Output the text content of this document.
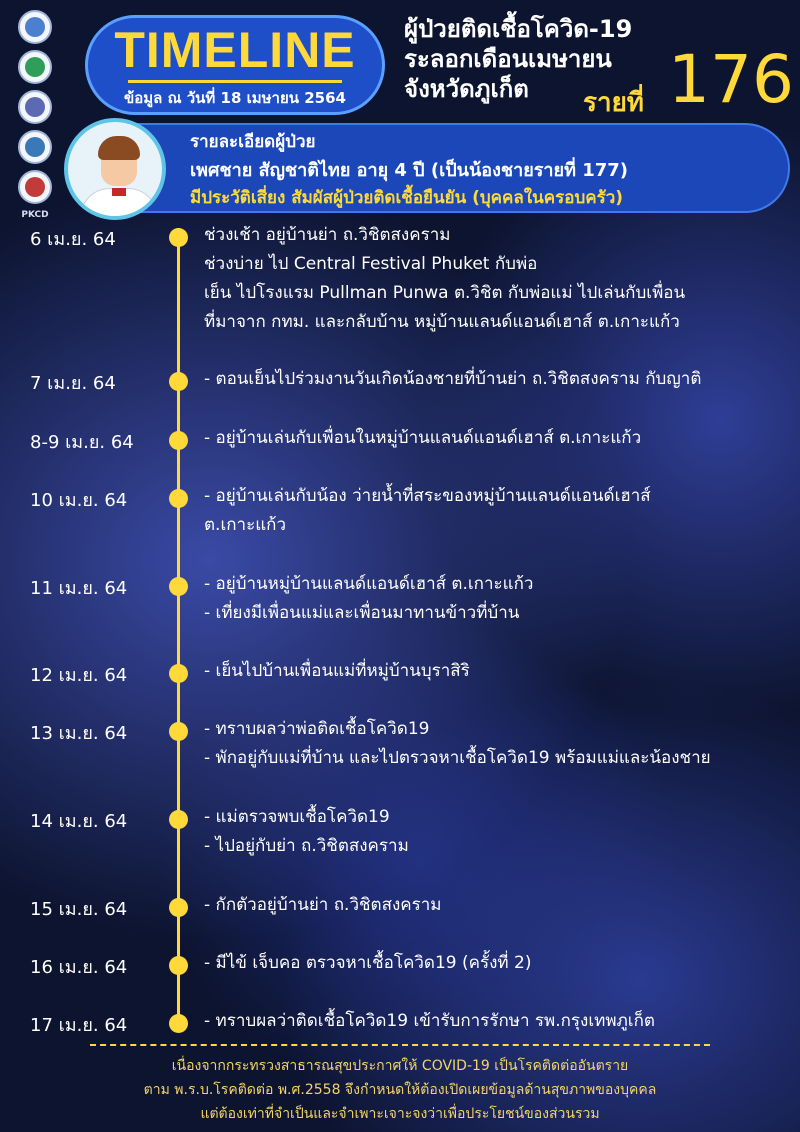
PKCD
TIMELINE
ข้อมูล ณ วันที่ 18 เมษายน 2564
ผู้ป่วยติดเชื้อโควิด-19
ระลอกเดือนเมษายน
จังหวัดภูเก็ต	รายที่ 176
รายละเอียดผู้ป่วย
เพศชาย สัญชาติไทย อายุ 4 ปี (เป็นน้องชายรายที่ 177)
มีประวัติเสี่ยง สัมผัสผู้ป่วยติดเชื้อยืนยัน (บุคคลในครอบครัว)
6 เม.ย. 64	ช่วงเช้า อยู่บ้านย่า ถ.วิชิตสงคราม
ช่วงบ่าย ไป Central Festival Phuket กับพ่อ
เย็น ไปโรงแรม Pullman Punwa ต.วิชิต กับพ่อแม่ ไปเล่นกับเพื่อน
ที่มาจาก กทม. และกลับบ้าน หมู่บ้านแลนด์แอนด์เฮาส์ ต.เกาะแก้ว
7 เม.ย. 64	- ตอนเย็นไปร่วมงานวันเกิดน้องชายที่บ้านย่า ถ.วิชิตสงคราม กับญาติ
8-9 เม.ย. 64	- อยู่บ้านเล่นกับเพื่อนในหมู่บ้านแลนด์แอนด์เฮาส์ ต.เกาะแก้ว
10 เม.ย. 64	- อยู่บ้านเล่นกับน้อง ว่ายน้ำที่สระของหมู่บ้านแลนด์แอนด์เฮาส์
ต.เกาะแก้ว
11 เม.ย. 64	- อยู่บ้านหมู่บ้านแลนด์แอนด์เฮาส์ ต.เกาะแก้ว
- เที่ยงมีเพื่อนแม่และเพื่อนมาทานข้าวที่บ้าน
12 เม.ย. 64	- เย็นไปบ้านเพื่อนแม่ที่หมู่บ้านบุราสิริ
13 เม.ย. 64	- ทราบผลว่าพ่อติดเชื้อโควิด19
- พักอยู่กับแม่ที่บ้าน และไปตรวจหาเชื้อโควิด19 พร้อมแม่และน้องชาย
14 เม.ย. 64	- แม่ตรวจพบเชื้อโควิด19
- ไปอยู่กับย่า ถ.วิชิตสงคราม
15 เม.ย. 64	- กักตัวอยู่บ้านย่า ถ.วิชิตสงคราม
16 เม.ย. 64	- มีไข้ เจ็บคอ ตรวจหาเชื้อโควิด19 (ครั้งที่ 2)
17 เม.ย. 64	- ทราบผลว่าติดเชื้อโควิด19 เข้ารับการรักษา รพ.กรุงเทพภูเก็ต
เนื่องจากกระทรวงสาธารณสุขประกาศให้ COVID-19 เป็นโรคติดต่ออันตราย
ตาม พ.ร.บ.โรคติดต่อ พ.ศ.2558 จึงกำหนดให้ต้องเปิดเผยข้อมูลด้านสุขภาพของบุคคล
แต่ต้องเท่าที่จำเป็นและจำเพาะเจาะจงว่าเพื่อประโยชน์ของส่วนรวม
